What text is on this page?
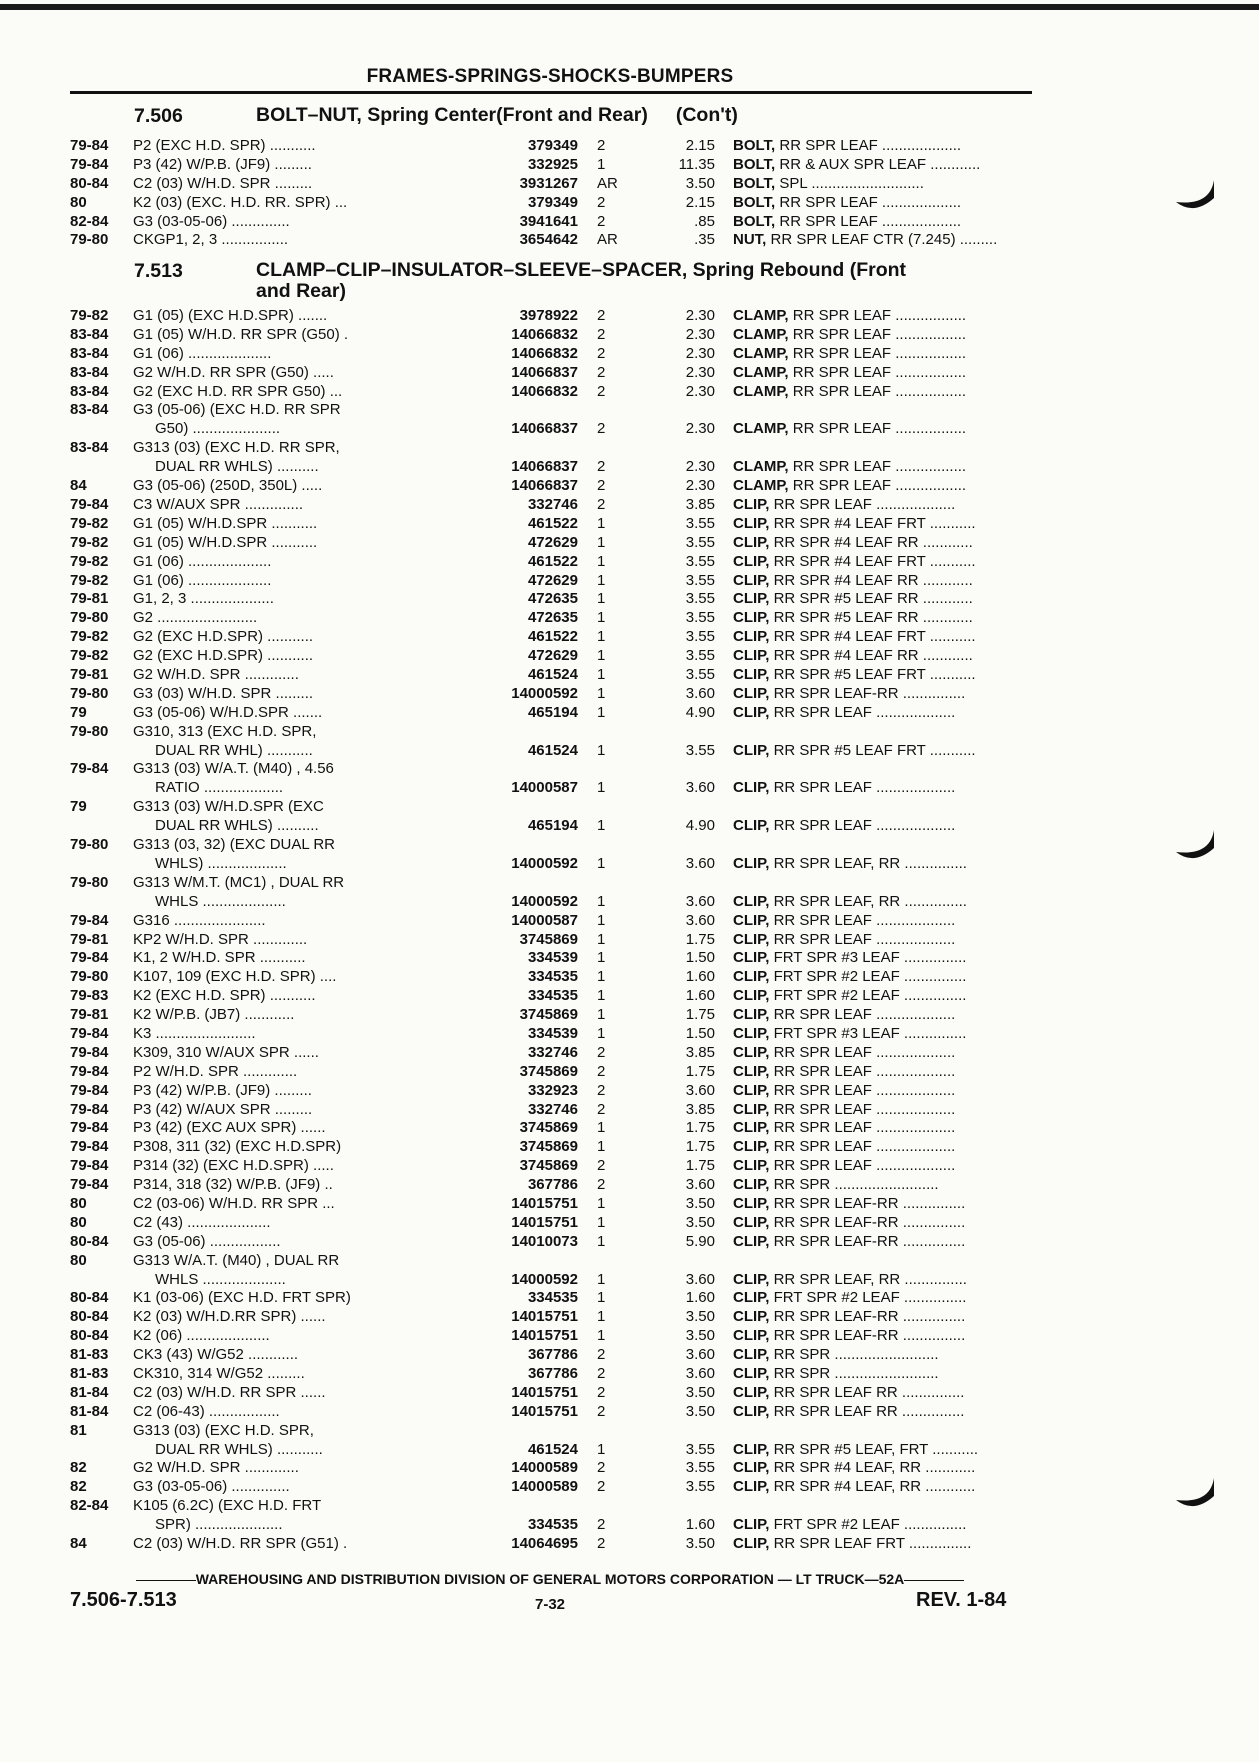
FRAMES-SPRINGS-SHOCKS-BUMPERS
7.506	BOLT–NUT, Spring Center(Front and Rear) (Con't)
79-84	P2 (EXC H.D. SPR) ...........	379349 2	2.15 BOLT, RR SPR LEAF ...................
79-84	P3 (42) W/P.B. (JF9) .........	332925 1	11.35 BOLT, RR & AUX SPR LEAF ............
80-84	C2 (03) W/H.D. SPR .........	3931267 AR	3.50 BOLT, SPL ...........................
80	K2 (03) (EXC. H.D. RR. SPR) ...	379349 2	2.15 BOLT, RR SPR LEAF ...................
82-84	G3 (03-05-06) ..............	3941641 2	.85 BOLT, RR SPR LEAF ...................
79-80	CKGP1, 2, 3 ................	3654642 AR	.35 NUT, RR SPR LEAF CTR (7.245) .........
7.513	CLAMP–CLIP–INSULATOR–SLEEVE–SPACER, Spring Rebound (Front
and Rear)
79-82	G1 (05) (EXC H.D.SPR) .......	3978922 2	2.30 CLAMP, RR SPR LEAF .................
83-84	G1 (05) W/H.D. RR SPR (G50) .	14066832 2	2.30 CLAMP, RR SPR LEAF .................
83-84	G1 (06) ....................	14066832 2	2.30 CLAMP, RR SPR LEAF .................
83-84	G2 W/H.D. RR SPR (G50) .....	14066837 2	2.30 CLAMP, RR SPR LEAF .................
83-84	G2 (EXC H.D. RR SPR G50) ...	14066832 2	2.30 CLAMP, RR SPR LEAF .................
83-84	G3 (05-06) (EXC H.D. RR SPR
G50) .....................	14066837 2	2.30 CLAMP, RR SPR LEAF .................
83-84	G313 (03) (EXC H.D. RR SPR,
DUAL RR WHLS) ..........	14066837 2	2.30 CLAMP, RR SPR LEAF .................
84	G3 (05-06) (250D, 350L) .....	14066837 2	2.30 CLAMP, RR SPR LEAF .................
79-84	C3 W/AUX SPR ..............	332746 2	3.85 CLIP, RR SPR LEAF ...................
79-82	G1 (05) W/H.D.SPR ...........	461522 1	3.55 CLIP, RR SPR #4 LEAF FRT ...........
79-82	G1 (05) W/H.D.SPR ...........	472629 1	3.55 CLIP, RR SPR #4 LEAF RR ............
79-82	G1 (06) ....................	461522 1	3.55 CLIP, RR SPR #4 LEAF FRT ...........
79-82	G1 (06) ....................	472629 1	3.55 CLIP, RR SPR #4 LEAF RR ............
79-81	G1, 2, 3 ....................	472635 1	3.55 CLIP, RR SPR #5 LEAF RR ............
79-80	G2 ........................	472635 1	3.55 CLIP, RR SPR #5 LEAF RR ............
79-82	G2 (EXC H.D.SPR) ...........	461522 1	3.55 CLIP, RR SPR #4 LEAF FRT ...........
79-82	G2 (EXC H.D.SPR) ...........	472629 1	3.55 CLIP, RR SPR #4 LEAF RR ............
79-81	G2 W/H.D. SPR .............	461524 1	3.55 CLIP, RR SPR #5 LEAF FRT ...........
79-80	G3 (03) W/H.D. SPR .........	14000592 1	3.60 CLIP, RR SPR LEAF-RR ...............
79	G3 (05-06) W/H.D.SPR .......	465194 1	4.90 CLIP, RR SPR LEAF ...................
79-80	G310, 313 (EXC H.D. SPR,
DUAL RR WHL) ...........	461524 1	3.55 CLIP, RR SPR #5 LEAF FRT ...........
79-84	G313 (03) W/A.T. (M40) , 4.56
RATIO ...................	14000587 1	3.60 CLIP, RR SPR LEAF ...................
79	G313 (03) W/H.D.SPR (EXC
DUAL RR WHLS) ..........	465194 1	4.90 CLIP, RR SPR LEAF ...................
79-80	G313 (03, 32) (EXC DUAL RR
WHLS) ...................	14000592 1	3.60 CLIP, RR SPR LEAF, RR ...............
79-80	G313 W/M.T. (MC1) , DUAL RR
WHLS ....................	14000592 1	3.60 CLIP, RR SPR LEAF, RR ...............
79-84	G316 ......................	14000587 1	3.60 CLIP, RR SPR LEAF ...................
79-81	KP2 W/H.D. SPR .............	3745869 1	1.75 CLIP, RR SPR LEAF ...................
79-84	K1, 2 W/H.D. SPR ...........	334539 1	1.50 CLIP, FRT SPR #3 LEAF ...............
79-80	K107, 109 (EXC H.D. SPR) ....	334535 1	1.60 CLIP, FRT SPR #2 LEAF ...............
79-83	K2 (EXC H.D. SPR) ...........	334535 1	1.60 CLIP, FRT SPR #2 LEAF ...............
79-81	K2 W/P.B. (JB7) ............	3745869 1	1.75 CLIP, RR SPR LEAF ...................
79-84	K3 ........................	334539 1	1.50 CLIP, FRT SPR #3 LEAF ...............
79-84	K309, 310 W/AUX SPR ......	332746 2	3.85 CLIP, RR SPR LEAF ...................
79-84	P2 W/H.D. SPR .............	3745869 2	1.75 CLIP, RR SPR LEAF ...................
79-84	P3 (42) W/P.B. (JF9) .........	332923 2	3.60 CLIP, RR SPR LEAF ...................
79-84	P3 (42) W/AUX SPR .........	332746 2	3.85 CLIP, RR SPR LEAF ...................
79-84	P3 (42) (EXC AUX SPR) ......	3745869 1	1.75 CLIP, RR SPR LEAF ...................
79-84	P308, 311 (32) (EXC H.D.SPR)	3745869 1	1.75 CLIP, RR SPR LEAF ...................
79-84	P314 (32) (EXC H.D.SPR) .....	3745869 2	1.75 CLIP, RR SPR LEAF ...................
79-84	P314, 318 (32) W/P.B. (JF9) ..	367786 2	3.60 CLIP, RR SPR .........................
80	C2 (03-06) W/H.D. RR SPR ...	14015751 1	3.50 CLIP, RR SPR LEAF-RR ...............
80	C2 (43) ....................	14015751 1	3.50 CLIP, RR SPR LEAF-RR ...............
80-84	G3 (05-06) .................	14010073 1	5.90 CLIP, RR SPR LEAF-RR ...............
80	G313 W/A.T. (M40) , DUAL RR
WHLS ....................	14000592 1	3.60 CLIP, RR SPR LEAF, RR ...............
80-84	K1 (03-06) (EXC H.D. FRT SPR)	334535 1	1.60 CLIP, FRT SPR #2 LEAF ...............
80-84	K2 (03) W/H.D.RR SPR) ......	14015751 1	3.50 CLIP, RR SPR LEAF-RR ...............
80-84	K2 (06) ....................	14015751 1	3.50 CLIP, RR SPR LEAF-RR ...............
81-83	CK3 (43) W/G52 ............	367786 2	3.60 CLIP, RR SPR .........................
81-83	CK310, 314 W/G52 .........	367786 2	3.60 CLIP, RR SPR .........................
81-84	C2 (03) W/H.D. RR SPR ......	14015751 2	3.50 CLIP, RR SPR LEAF RR ...............
81-84	C2 (06-43) .................	14015751 2	3.50 CLIP, RR SPR LEAF RR ...............
81	G313 (03) (EXC H.D. SPR,
DUAL RR WHLS) ...........	461524 1	3.55 CLIP, RR SPR #5 LEAF, FRT ...........
82	G2 W/H.D. SPR .............	14000589 2	3.55 CLIP, RR SPR #4 LEAF, RR ............
82	G3 (03-05-06) ..............	14000589 2	3.55 CLIP, RR SPR #4 LEAF, RR ............
82-84	K105 (6.2C) (EXC H.D. FRT
SPR) .....................	334535 2	1.60 CLIP, FRT SPR #2 LEAF ...............
84	C2 (03) W/H.D. RR SPR (G51) .	14064695 2	3.50 CLIP, RR SPR LEAF FRT ...............
WAREHOUSING AND DISTRIBUTION DIVISION OF GENERAL MOTORS CORPORATION — LT TRUCK—52A
7.506-7.513	7-32	REV. 1-84
